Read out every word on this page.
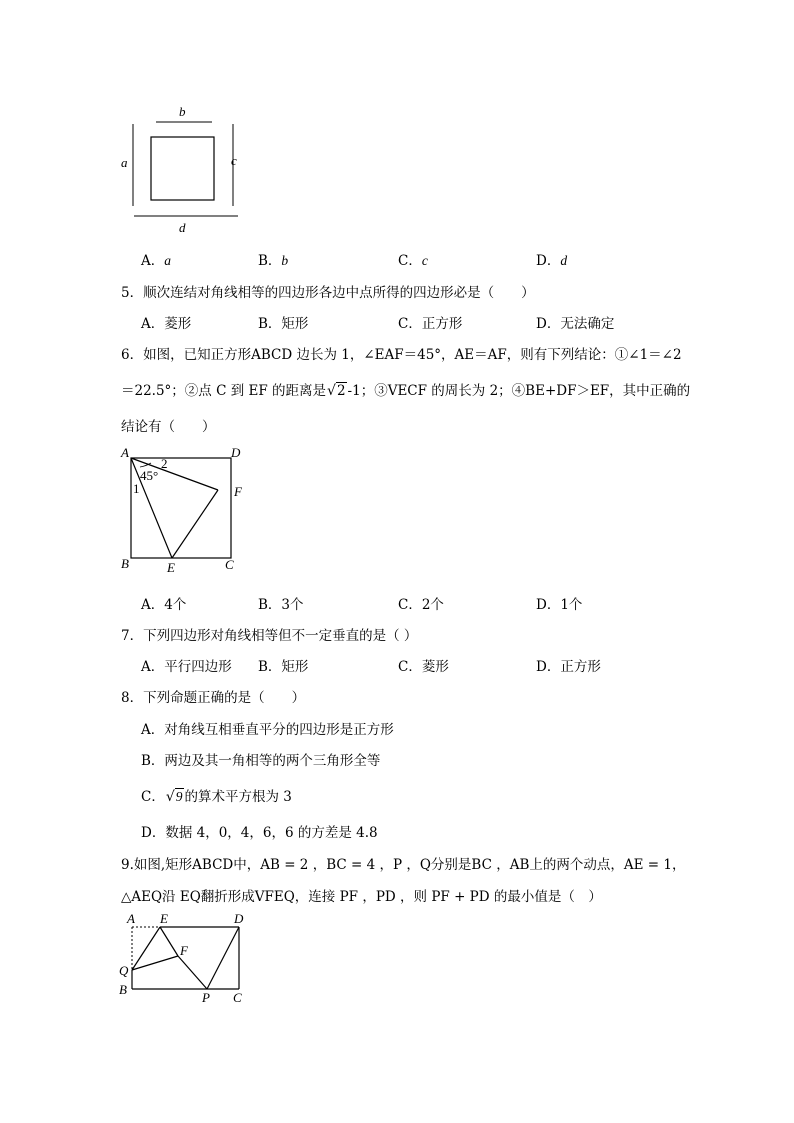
b
a	c
d
A．a	B．b	C．c	D．d
5．顺次连结对角线相等的四边形各边中点所得的四边形必是（　　）
A．菱形	B．矩形	C．正方形	D．无法确定
6．如图，已知正方形ABCD 边长为 1，∠EAF＝45°，AE＝AF，则有下列结论：①∠1＝∠2
＝22.5°；②点 C 到 EF 的距离是√2 -1；③VECF 的周长为 2；④BE+DF＞EF，其中正确的
结论有（　　）
A	D
B	C
E
F
2
45°
1
A．4个	B．3个	C．2个	D．1个
7．下列四边形对角线相等但不一定垂直的是（ ）
A．平行四边形 B．矩形	C．菱形	D．正方形
8．下列命题正确的是（　　）
A．对角线互相垂直平分的四边形是正方形
B．两边及其一角相等的两个三角形全等
C．√9 的算术平方根为 3
D．数据 4，0，4，6，6 的方差是 4.8
9.如图,矩形ABCD中，AB = 2 ，BC = 4 ，P ，Q分别是BC ，AB上的两个动点，AE = 1，
△AEQ沿 EQ翻折形成VFEQ，连接 PF ，PD ，则 PF + PD 的最小值是（　）
A E	D
F
Q
B
P C
